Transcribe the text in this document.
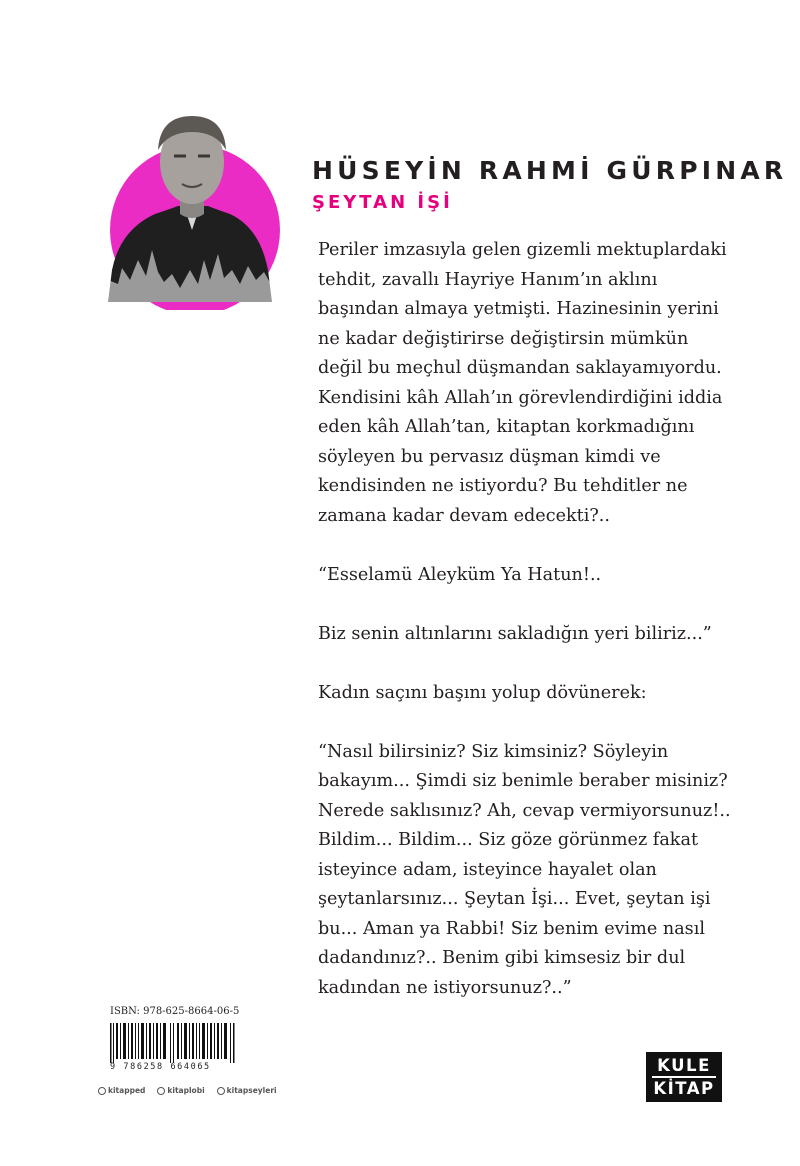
HÜSEYİN RAHMİ GÜRPINAR
ŞEYTAN İŞİ

Periler imzasıyla gelen gizemli mektuplardaki tehdit, zavallı Hayriye Hanım’ın aklını başından almaya yetmişti. Hazinesinin yerini ne kadar değiştirirse değiştirsin mümkün değil bu meçhul düşmandan saklayamıyordu. Kendisini kâh Allah’ın görevlendirdiğini iddia eden kâh Allah’tan, kitaptan korkmadığını söyleyen bu pervasız düşman kimdi ve kendisinden ne istiyordu? Bu tehditler ne zamana kadar devam edecekti?..

“Esselamü Aleyküm Ya Hatun!..

Biz senin altınlarını sakladığın yeri biliriz...”

Kadın saçını başını yolup dövünerek:

“Nasıl bilirsiniz? Siz kimsiniz? Söyleyin bakayım... Şimdi siz benimle beraber misiniz? Nerede saklısınız? Ah, cevap vermiyorsunuz!.. Bildim... Bildim... Siz göze görünmez fakat isteyince adam, isteyince hayalet olan şeytanlarsınız... Şeytan İşi... Evet, şeytan işi bu... Aman ya Rabbi! Siz benim evime nasıl dadandınız?.. Benim gibi kimsesiz bir dul kadından ne istiyorsunuz?..”

ISBN: 978-625-8664-06-5
9 786258 664065
kitapped	kitaplobi	kitapseyleri
KULE
KİTAP
